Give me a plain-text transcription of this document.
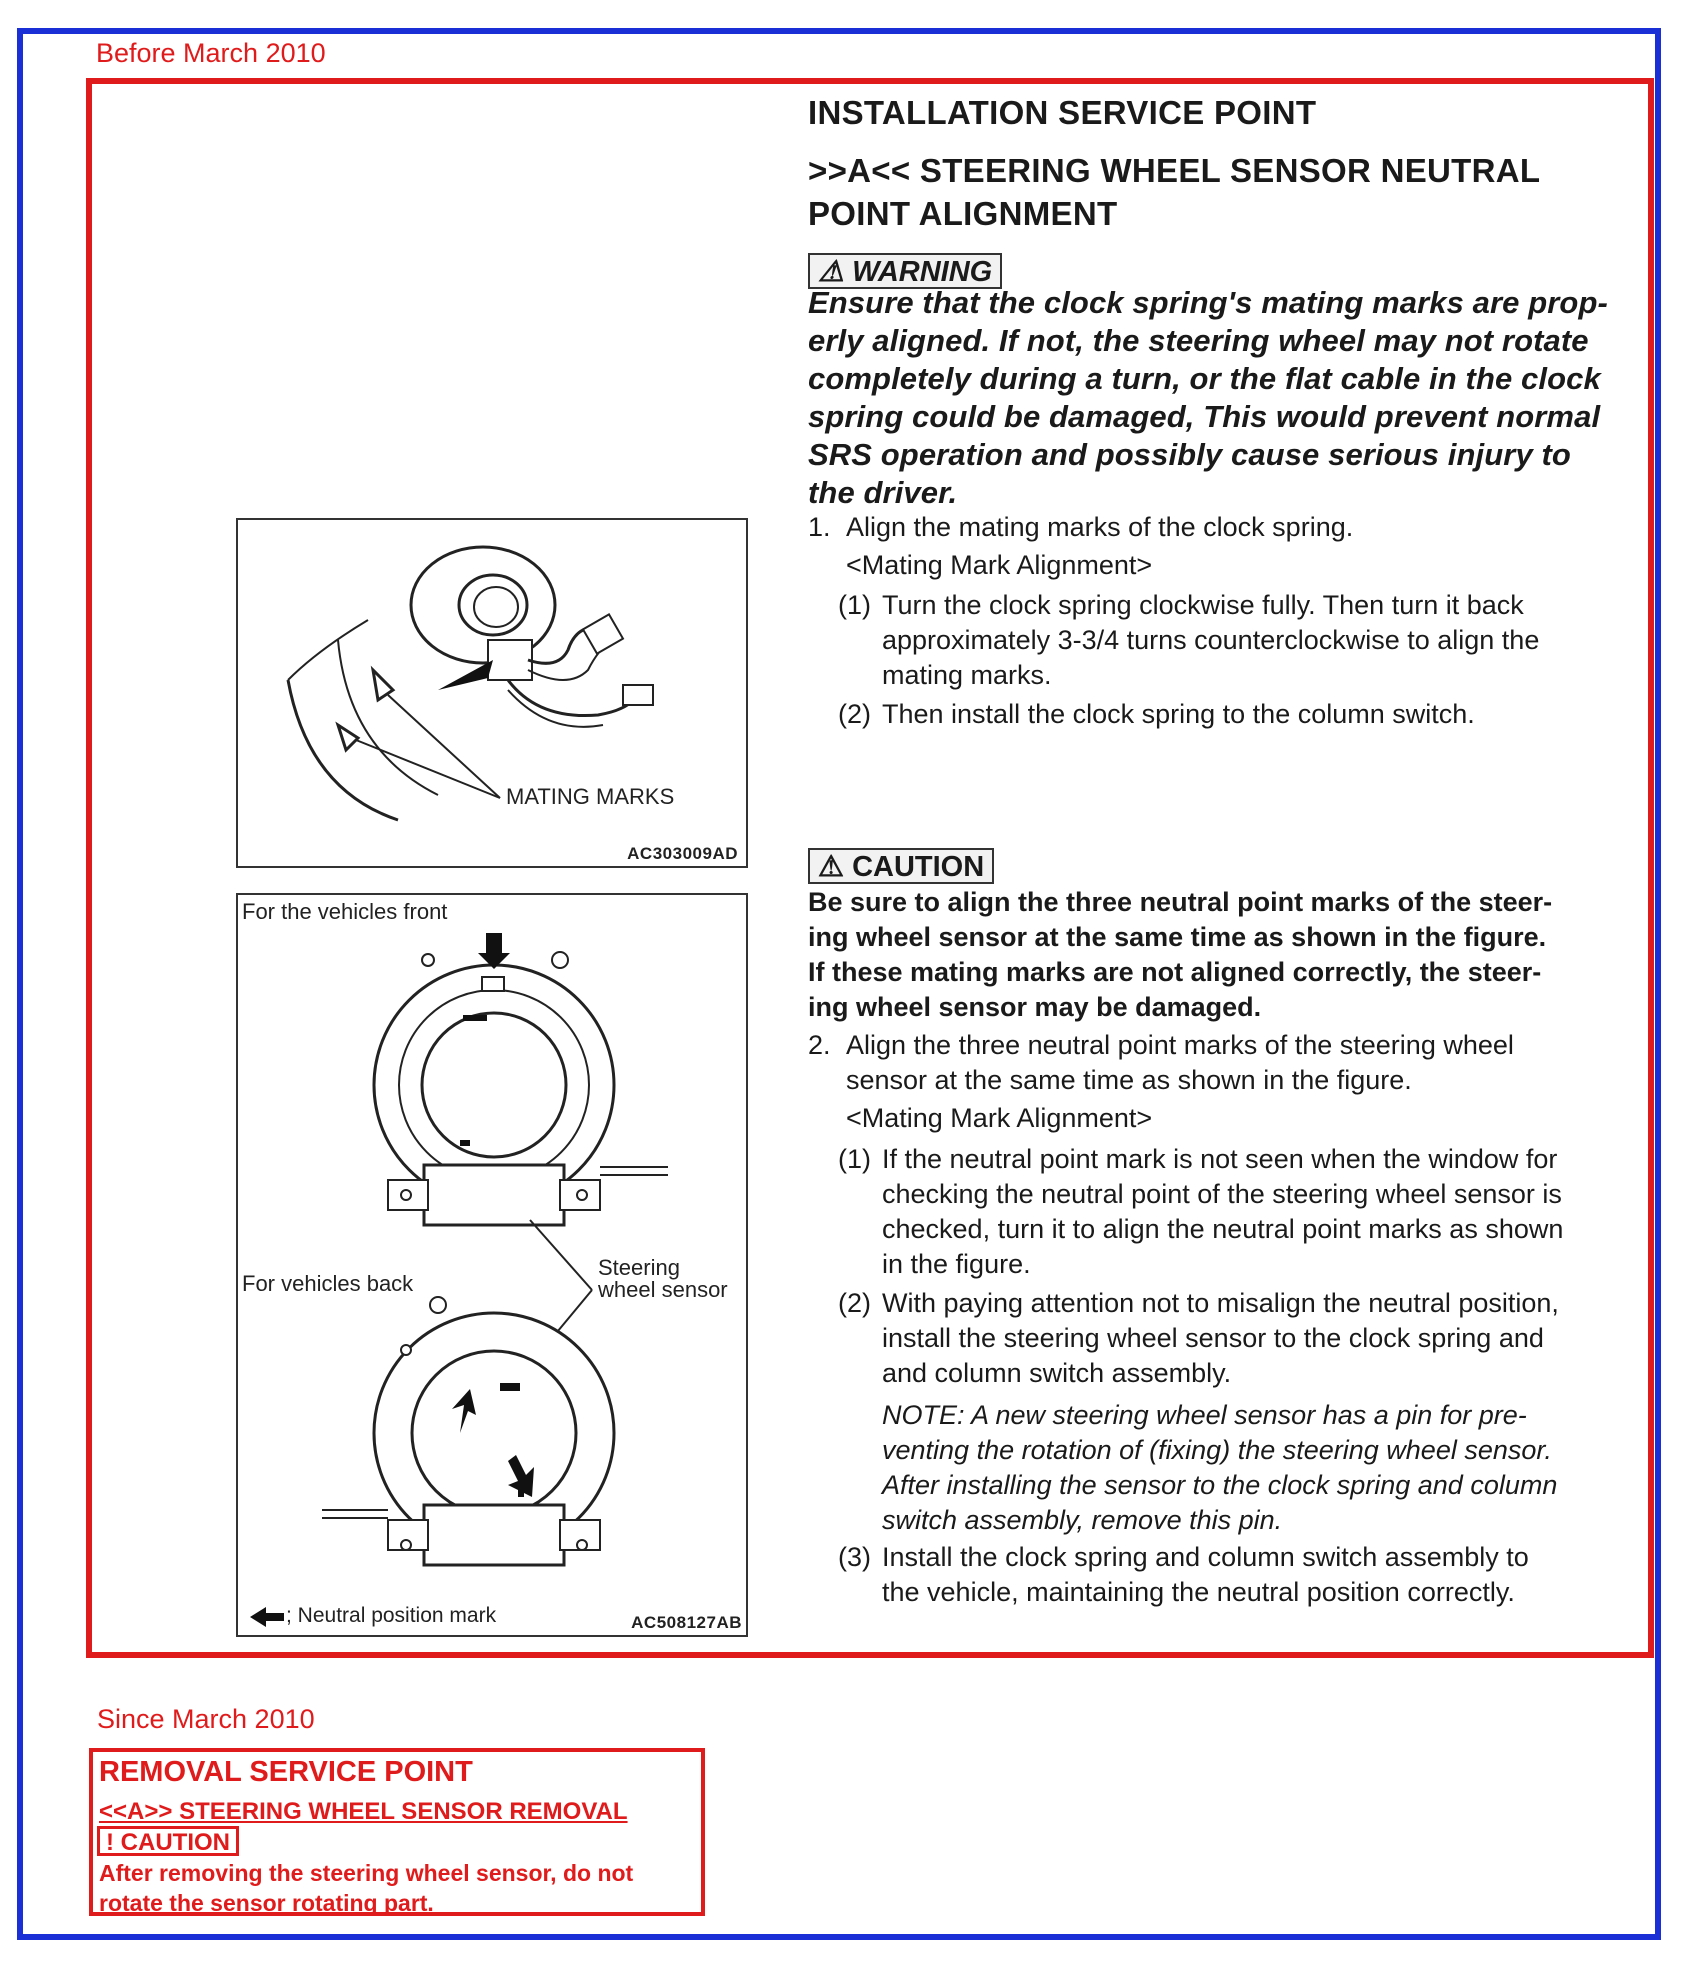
Before March 2010
INSTALLATION SERVICE POINT
>>A<< STEERING WHEEL SENSOR NEUTRAL
POINT ALIGNMENT
⚠ WARNING
Ensure that the clock spring's mating marks are prop-
erly aligned. If not, the steering wheel may not rotate
completely during a turn, or the flat cable in the clock
spring could be damaged, This would prevent normal
SRS operation and possibly cause serious injury to
the driver.
1. Align the mating marks of the clock spring.
<Mating Mark Alignment>
(1) Turn the clock spring clockwise fully. Then turn it back
approximately 3-3/4 turns counterclockwise to align the
mating marks.
(2) Then install the clock spring to the column switch.
⚠ CAUTION
Be sure to align the three neutral point marks of the steer-
ing wheel sensor at the same time as shown in the figure.
If these mating marks are not aligned correctly, the steer-
ing wheel sensor may be damaged.
2. Align the three neutral point marks of the steering wheel
sensor at the same time as shown in the figure.
<Mating Mark Alignment>
(1) If the neutral point mark is not seen when the window for
checking the neutral point of the steering wheel sensor is
checked, turn it to align the neutral point marks as shown
in the figure.
(2) With paying attention not to misalign the neutral position,
install the steering wheel sensor to the clock spring and
and column switch assembly.
NOTE: A new steering wheel sensor has a pin for pre-
venting the rotation of (fixing) the steering wheel sensor.
After installing the sensor to the clock spring and column
switch assembly, remove this pin.
(3) Install the clock spring and column switch assembly to
the vehicle, maintaining the neutral position correctly.
MATING MARKS
AC303009AD
For the vehicles front
For vehicles back
Steering
wheel sensor
; Neutral position mark	AC508127AB
Since March 2010
REMOVAL SERVICE POINT
<<A>> STEERING WHEEL SENSOR REMOVAL
! CAUTION
After removing the steering wheel sensor, do not
rotate the sensor rotating part.
